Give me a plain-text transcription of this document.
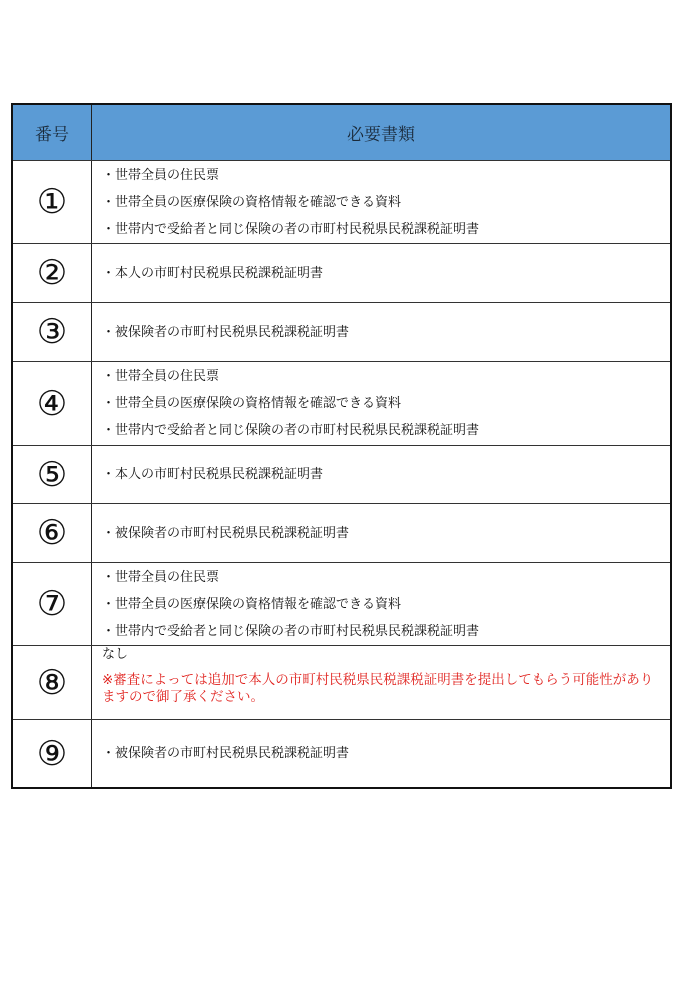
番号	必要書類
①
・世帯全員の住民票
・世帯全員の医療保険の資格情報を確認できる資料
・世帯内で受給者と同じ保険の者の市町村民税県民税課税証明書
②	・本人の市町村民税県民税課税証明書
③	・被保険者の市町村民税県民税課税証明書
④
・世帯全員の住民票
・世帯全員の医療保険の資格情報を確認できる資料
・世帯内で受給者と同じ保険の者の市町村民税県民税課税証明書
⑤	・本人の市町村民税県民税課税証明書
⑥	・被保険者の市町村民税県民税課税証明書
⑦
・世帯全員の住民票
・世帯全員の医療保険の資格情報を確認できる資料
・世帯内で受給者と同じ保険の者の市町村民税県民税課税証明書
⑧
なし
※審査によっては追加で本人の市町村民税県民税課税証明書を提出してもらう可能性がありますので御了承ください。
⑨	・被保険者の市町村民税県民税課税証明書
